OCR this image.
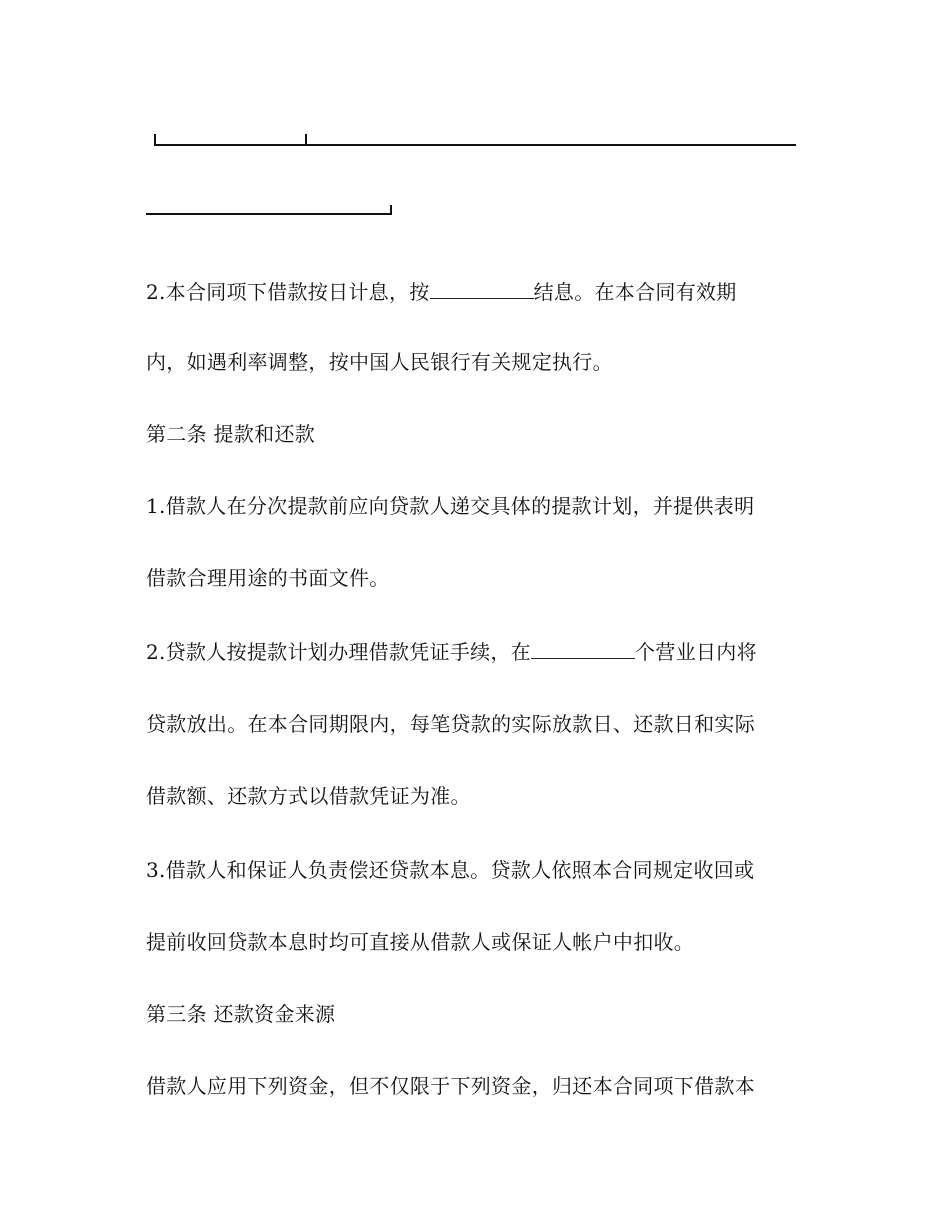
2.本合同项下借款按日计息，按	结息。在本合同有效期
内，如遇利率调整，按中国人民银行有关规定执行。
第二条 提款和还款
1.借款人在分次提款前应向贷款人递交具体的提款计划，并提供表明
借款合理用途的书面文件。
2.贷款人按提款计划办理借款凭证手续，在	个营业日内将
贷款放出。在本合同期限内，每笔贷款的实际放款日、还款日和实际
借款额、还款方式以借款凭证为准。
3.借款人和保证人负责偿还贷款本息。贷款人依照本合同规定收回或
提前收回贷款本息时均可直接从借款人或保证人帐户中扣收。
第三条 还款资金来源
借款人应用下列资金，但不仅限于下列资金，归还本合同项下借款本
